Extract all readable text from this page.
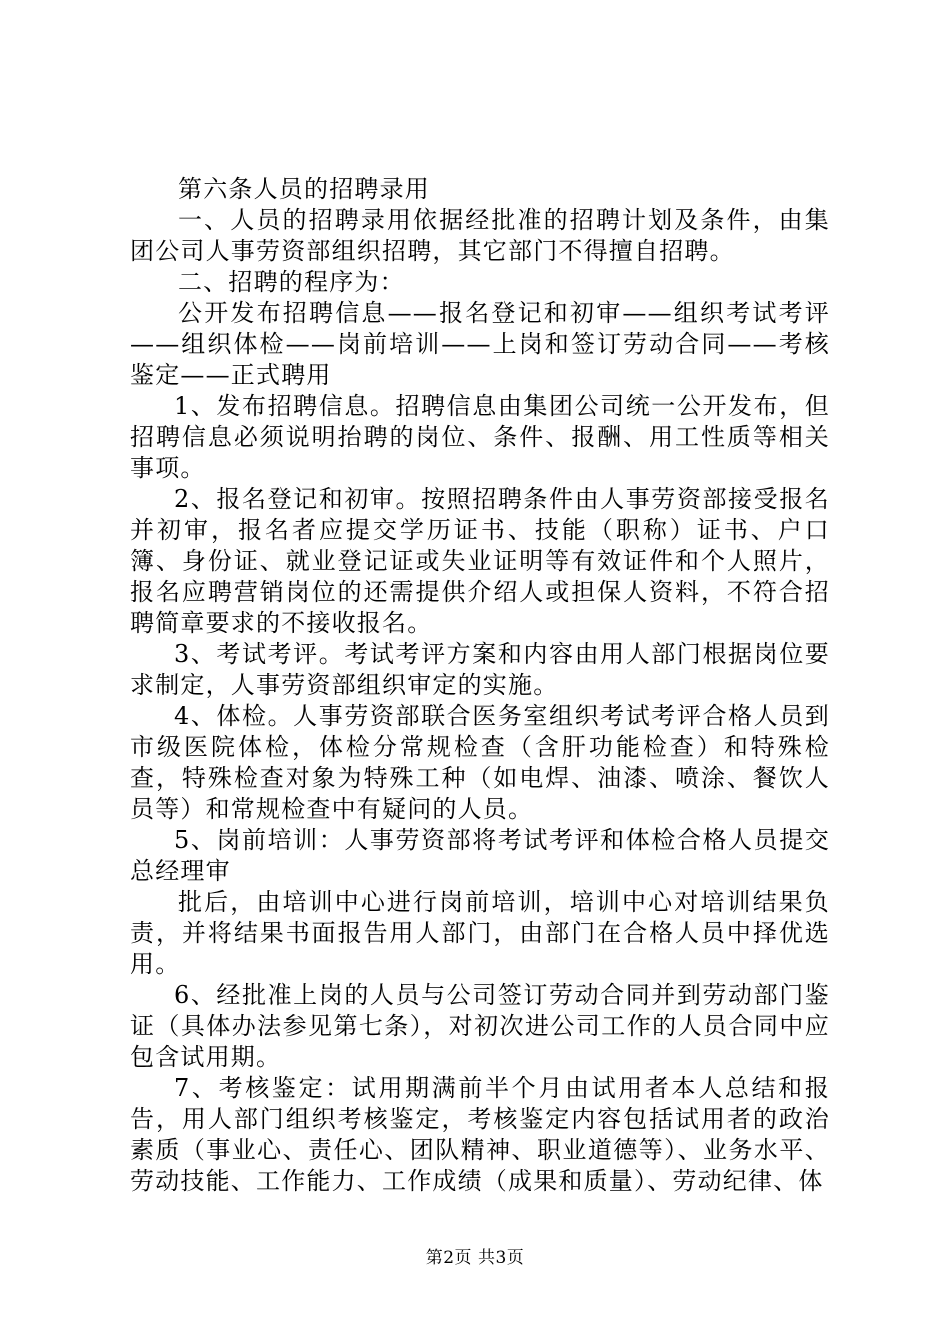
第六条人员的招聘录用

一、人员的招聘录用依据经批准的招聘计划及条件，由集团公司人事劳资部组织招聘，其它部门不得擅自招聘。

二、招聘的程序为：

公开发布招聘信息——报名登记和初审——组织考试考评——组织体检——岗前培训——上岗和签订劳动合同——考核鉴定——正式聘用

1、发布招聘信息。招聘信息由集团公司统一公开发布，但招聘信息必须说明抬聘的岗位、条件、报酬、用工性质等相关事项。

2、报名登记和初审。按照招聘条件由人事劳资部接受报名并初审，报名者应提交学历证书、技能（职称）证书、户口簿、身份证、就业登记证或失业证明等有效证件和个人照片，报名应聘营销岗位的还需提供介绍人或担保人资料，不符合招聘简章要求的不接收报名。

3、考试考评。考试考评方案和内容由用人部门根据岗位要求制定，人事劳资部组织审定的实施。

4、体检。人事劳资部联合医务室组织考试考评合格人员到市级医院体检，体检分常规检查（含肝功能检查）和特殊检查，特殊检查对象为特殊工种（如电焊、油漆、喷涂、餐饮人员等）和常规检查中有疑问的人员。

5、岗前培训：人事劳资部将考试考评和体检合格人员提交总经理审

批后，由培训中心进行岗前培训，培训中心对培训结果负责，并将结果书面报告用人部门，由部门在合格人员中择优选用。

6、经批准上岗的人员与公司签订劳动合同并到劳动部门鉴证（具体办法参见第七条），对初次进公司工作的人员合同中应包含试用期。

7、考核鉴定：试用期满前半个月由试用者本人总结和报告，用人部门组织考核鉴定，考核鉴定内容包括试用者的政治素质（事业心、责任心、团队精神、职业道德等）、业务水平、劳动技能、工作能力、工作成绩（成果和质量）、劳动纪律、体

第2页 共3页
